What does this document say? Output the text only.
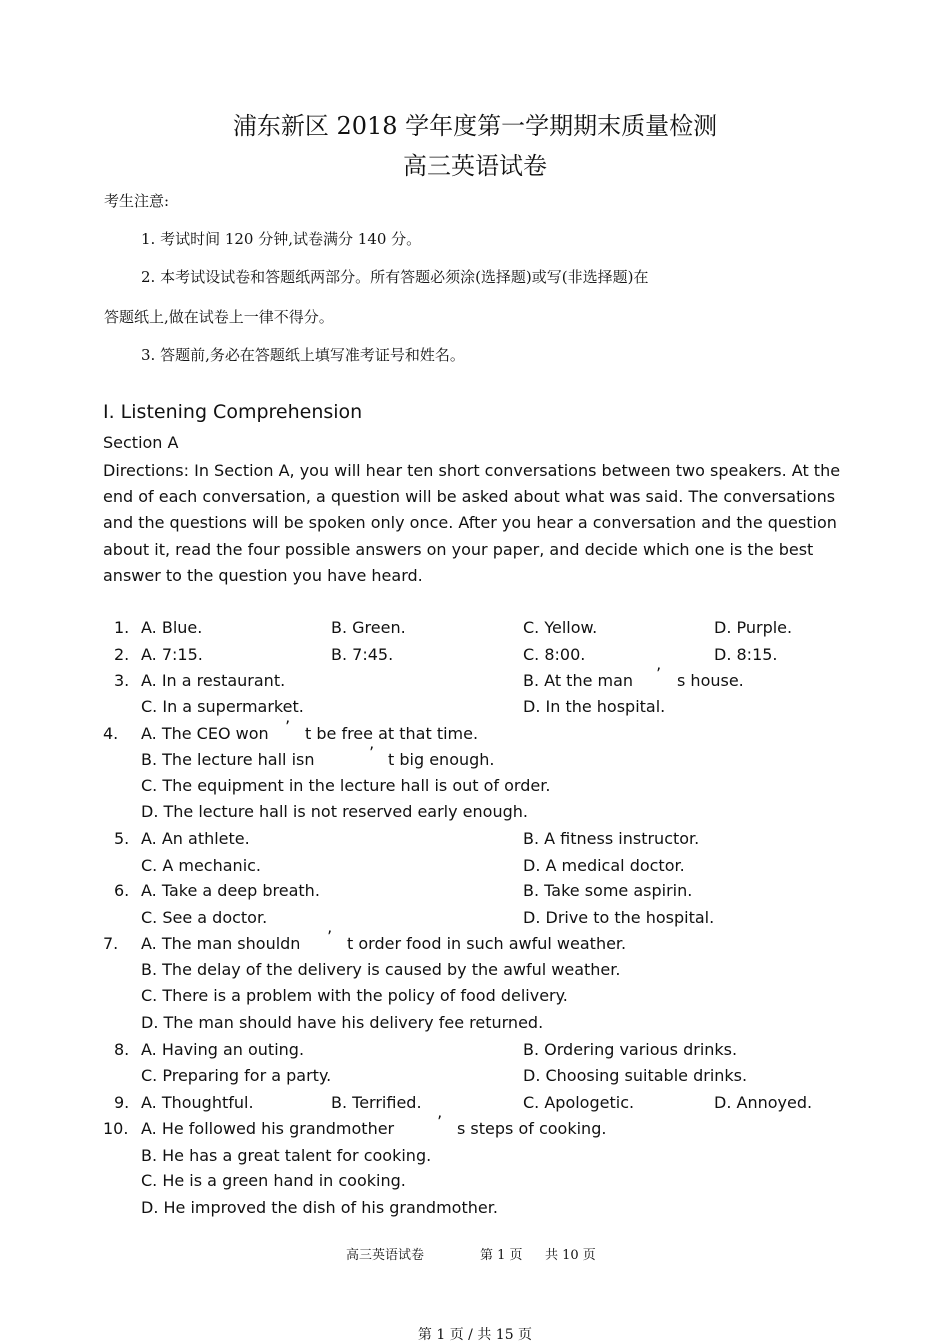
浦东新区 2018 学年度第一学期期末质量检测
高三英语试卷
考生注意:
1. 考试时间 120 分钟,试卷满分 140 分。
2. 本考试设试卷和答题纸两部分。所有答题必须涂(选择题)或写(非选择题)在
答题纸上,做在试卷上一律不得分。
3. 答题前,务必在答题纸上填写准考证号和姓名。
I. Listening Comprehension
Section A
Directions: In Section A, you will hear ten short conversations between two speakers. At the end of each conversation, a question will be asked about what was said. The conversations and the questions will be spoken only once. After you hear a conversation and the question about it, read the four possible answers on your paper, and decide which one is the best answer to the question you have heard.
1. A. Blue.	B. Green.	C. Yellow.	D. Purple.
2. A. 7:15.	B. 7:45.	C. 8:00.	D. 8:15.
3. A. In a restaurant.	B. At the man ’ s house.
C. In a supermarket.	D. In the hospital.
4. A. The CEO won ’ t be free at that time.
B. The lecture hall isn	’ t big enough.
C. The equipment in the lecture hall is out of order.
D. The lecture hall is not reserved early enough.
5. A. An athlete.	B. A fitness instructor.
C. A mechanic.	D. A medical doctor.
6. A. Take a deep breath.	B. Take some aspirin.
C. See a doctor.	D. Drive to the hospital.
7. A. The man shouldn ’ t order food in such awful weather.
B. The delay of the delivery is caused by the awful weather.
C. There is a problem with the policy of food delivery.
D. The man should have his delivery fee returned.
8. A. Having an outing.	B. Ordering various drinks.
C. Preparing for a party.	D. Choosing suitable drinks.
9. A. Thoughtful.	B. Terrified.	C. Apologetic.	D. Annoyed.
10. A. He followed his grandmother	’ s steps of cooking.
B. He has a great talent for cooking.
C. He is a green hand in cooking.
D. He improved the dish of his grandmother.
高三英语试卷	第 1 页 共 10 页
第 1 页 / 共 15 页
